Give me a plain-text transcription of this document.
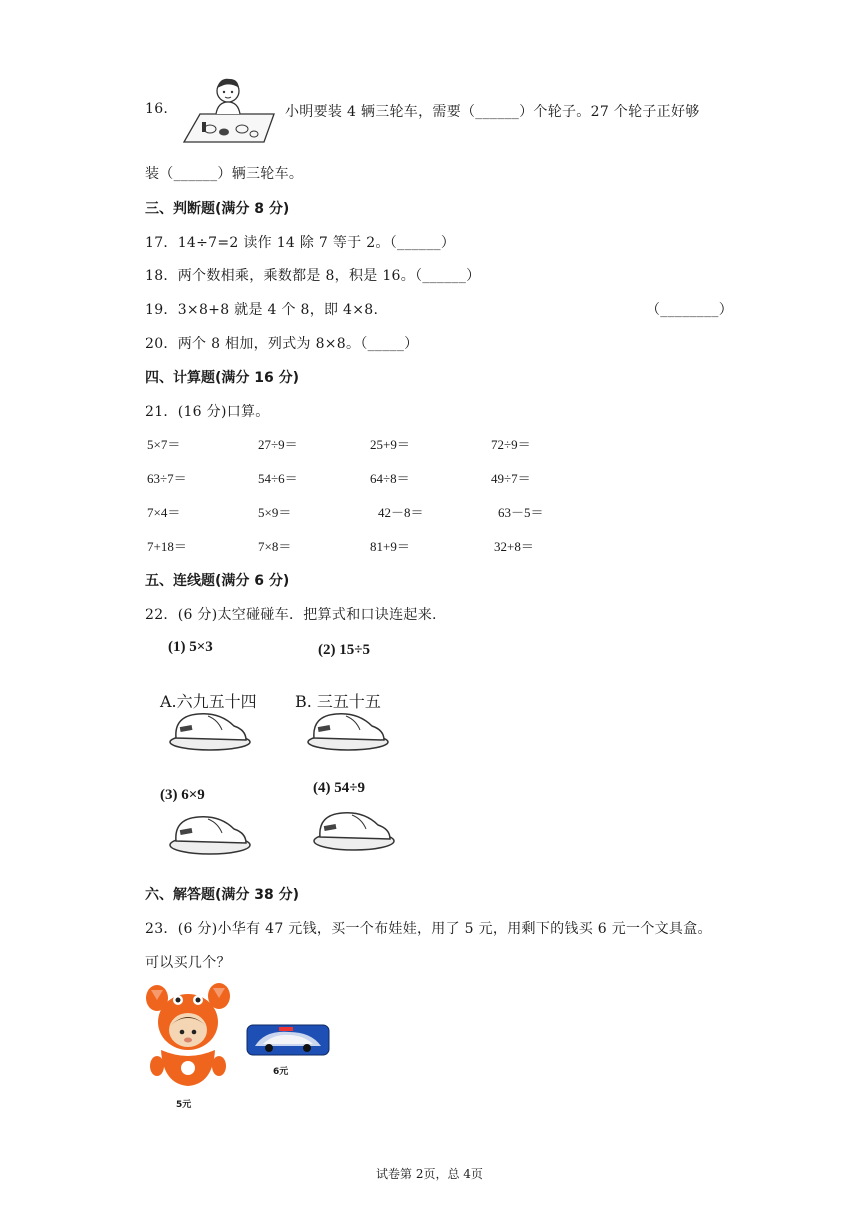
16.	小明要装 4 辆三轮车，需要（______）个轮子。27 个轮子正好够
装（______）辆三轮车。
三、判断题(满分 8 分)
17．14÷7=2 读作 14 除 7 等于 2。（______）
18．两个数相乘，乘数都是 8，积是 16。（______）
19．3×8+8 就是 4 个 8，即 4×8.	（________）
20．两个 8 相加，列式为 8×8。（_____）
四、计算题(满分 16 分)
21．(16 分)口算。
5×7＝	27÷9＝	25+9＝	72÷9＝
63÷7＝	54÷6＝	64÷8＝	49÷7＝
7×4＝	5×9＝	42－8＝	63－5＝
7+18＝	7×8＝	81+9＝	32+8＝
五、连线题(满分 6 分)
22．(6 分)太空碰碰车．把算式和口诀连起来.
(1) 5×3	(2) 15÷5
A.六九五十四 B. 三五十五
(3) 6×9	(4) 54÷9
六、解答题(满分 38 分)
23．(6 分)小华有 47 元钱，买一个布娃娃，用了 5 元，用剩下的钱买 6 元一个文具盒。
可以买几个？
5元
6元
试卷第 2页，总 4页
